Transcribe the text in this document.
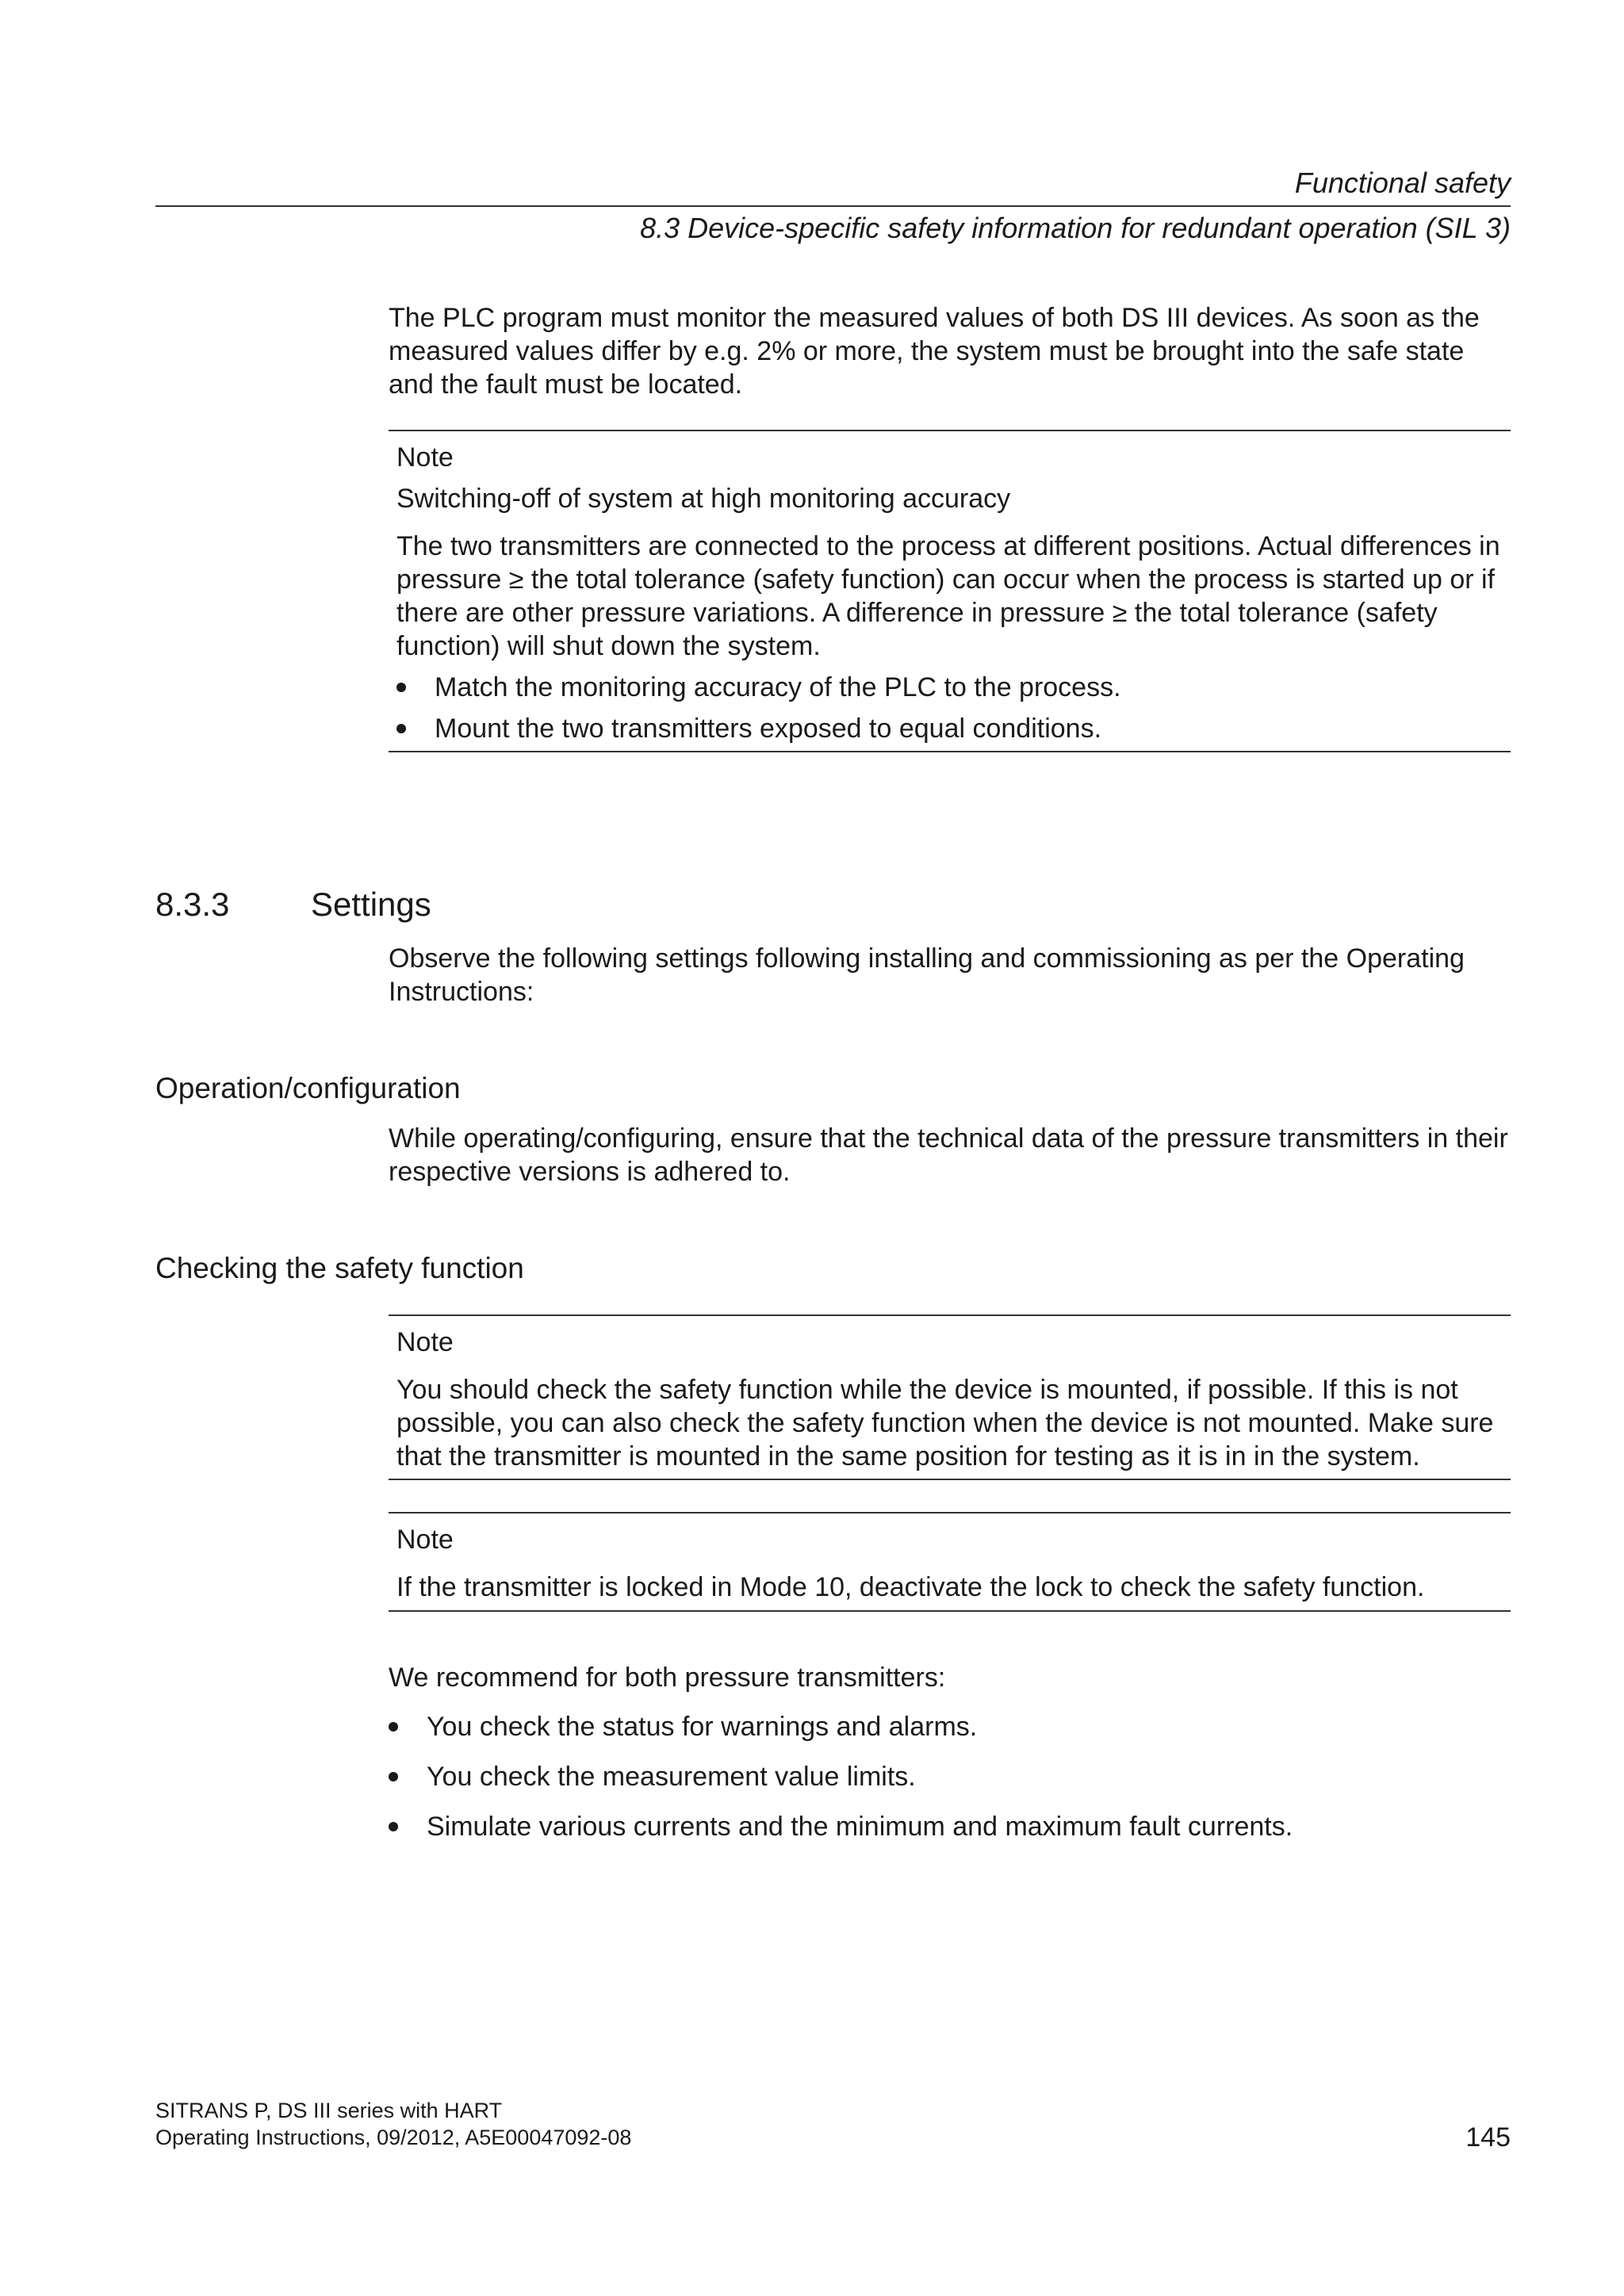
Functional safety
8.3 Device-specific safety information for redundant operation (SIL 3)

The PLC program must monitor the measured values of both DS III devices. As soon as the measured values differ by e.g. 2% or more, the system must be brought into the safe state and the fault must be located.

Note

Switching-off of system at high monitoring accuracy

The two transmitters are connected to the process at different positions. Actual differences in pressure ≥ the total tolerance (safety function) can occur when the process is started up or if there are other pressure variations. A difference in pressure ≥ the total tolerance (safety function) will shut down the system.

Match the monitoring accuracy of the PLC to the process.
Mount the two transmitters exposed to equal conditions.
8.3.3 Settings

Observe the following settings following installing and commissioning as per the Operating Instructions:

Operation/configuration

While operating/configuring, ensure that the technical data of the pressure transmitters in their respective versions is adhered to.

Checking the safety function

Note

You should check the safety function while the device is mounted, if possible. If this is not possible, you can also check the safety function when the device is not mounted. Make sure that the transmitter is mounted in the same position for testing as it is in in the system.

Note

If the transmitter is locked in Mode 10, deactivate the lock to check the safety function.

We recommend for both pressure transmitters:

You check the status for warnings and alarms.
You check the measurement value limits.
Simulate various currents and the minimum and maximum fault currents.
SITRANS P, DS III series with HART
Operating Instructions, 09/2012, A5E00047092-08	145
